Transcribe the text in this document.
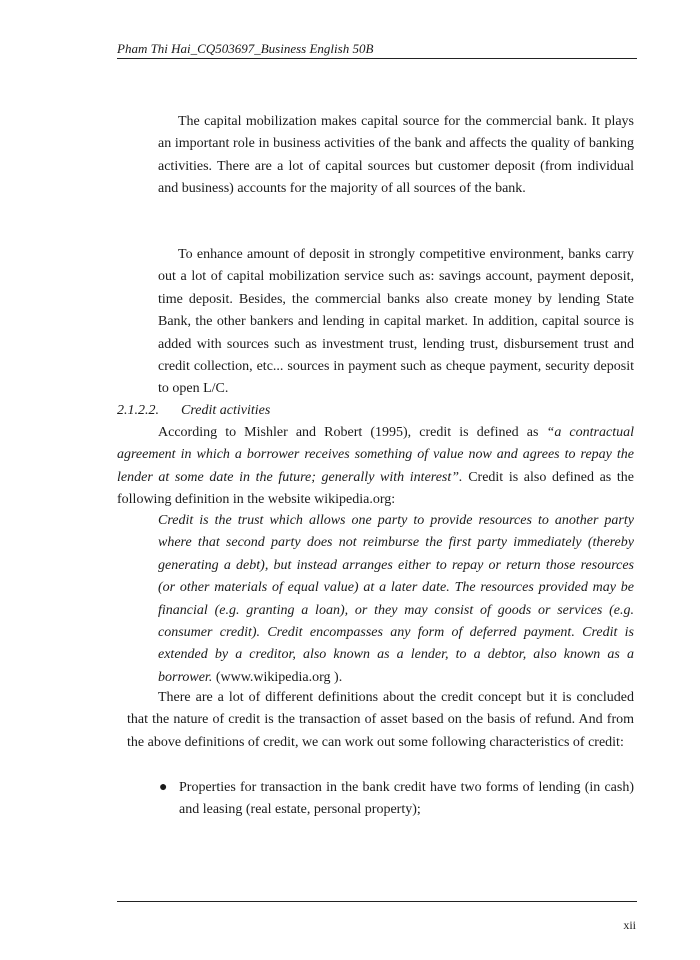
Pham Thi Hai_CQ503697_Business English 50B
The capital mobilization makes capital source for the commercial bank. It plays an important role in business activities of the bank and affects the quality of banking activities. There are a lot of capital sources but customer deposit (from individual and business) accounts for the majority of all sources of the bank.
To enhance amount of deposit in strongly competitive environment, banks carry out a lot of capital mobilization service such as: savings account, payment deposit, time deposit. Besides, the commercial banks also create money by lending State Bank, the other bankers and lending in capital market. In addition, capital source is added with sources such as investment trust, lending trust, disbursement trust and credit collection, etc... sources in payment such as cheque payment, security deposit to open L/C.
2.1.2.2. Credit activities
According to Mishler and Robert (1995), credit is defined as “a contractual agreement in which a borrower receives something of value now and agrees to repay the lender at some date in the future; generally with interest”. Credit is also defined as the following definition in the website wikipedia.org:
Credit is the trust which allows one party to provide resources to another party where that second party does not reimburse the first party immediately (thereby generating a debt), but instead arranges either to repay or return those resources (or other materials of equal value) at a later date. The resources provided may be financial (e.g. granting a loan), or they may consist of goods or services (e.g. consumer credit). Credit encompasses any form of deferred payment. Credit is extended by a creditor, also known as a lender, to a debtor, also known as a borrower. (www.wikipedia.org ).
There are a lot of different definitions about the credit concept but it is concluded that the nature of credit is the transaction of asset based on the basis of refund. And from the above definitions of credit, we can work out some following characteristics of credit:
● Properties for transaction in the bank credit have two forms of lending (in cash) and leasing (real estate, personal property);
xii
